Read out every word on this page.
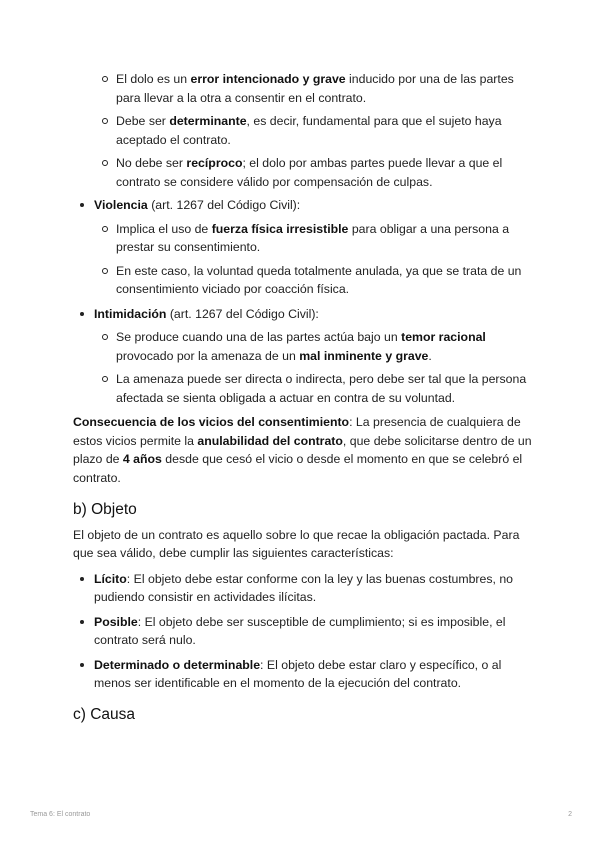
El dolo es un error intencionado y grave inducido por una de las partes para llevar a la otra a consentir en el contrato.
Debe ser determinante, es decir, fundamental para que el sujeto haya aceptado el contrato.
No debe ser recíproco; el dolo por ambas partes puede llevar a que el contrato se considere válido por compensación de culpas.
Violencia (art. 1267 del Código Civil):
Implica el uso de fuerza física irresistible para obligar a una persona a prestar su consentimiento.
En este caso, la voluntad queda totalmente anulada, ya que se trata de un consentimiento viciado por coacción física.
Intimidación (art. 1267 del Código Civil):
Se produce cuando una de las partes actúa bajo un temor racional provocado por la amenaza de un mal inminente y grave.
La amenaza puede ser directa o indirecta, pero debe ser tal que la persona afectada se sienta obligada a actuar en contra de su voluntad.

Consecuencia de los vicios del consentimiento: La presencia de cualquiera de estos vicios permite la anulabilidad del contrato, que debe solicitarse dentro de un plazo de 4 años desde que cesó el vicio o desde el momento en que se celebró el contrato.

b) Objeto

El objeto de un contrato es aquello sobre lo que recae la obligación pactada. Para que sea válido, debe cumplir las siguientes características:

Lícito: El objeto debe estar conforme con la ley y las buenas costumbres, no pudiendo consistir en actividades ilícitas.
Posible: El objeto debe ser susceptible de cumplimiento; si es imposible, el contrato será nulo.
Determinado o determinable: El objeto debe estar claro y específico, o al menos ser identificable en el momento de la ejecución del contrato.
c) Causa
Tema 6: El contrato	2
